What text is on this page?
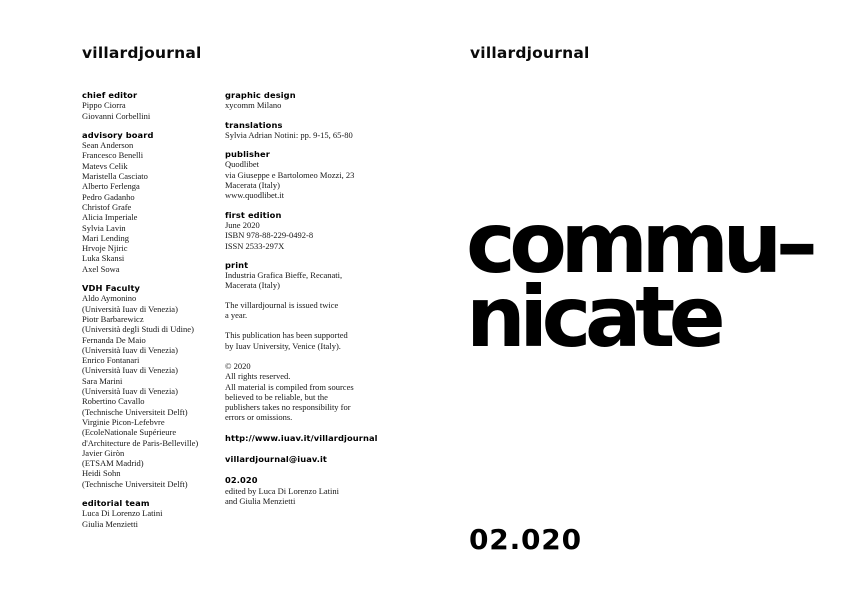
villardjournal	villardjournal
chief editor
Pippo Ciorra
Giovanni Corbellini
advisory board
Sean Anderson
Francesco Benelli
Matevs Celik
Maristella Casciato
Alberto Ferlenga
Pedro Gadanho
Christof Grafe
Alicia Imperiale
Sylvia Lavin
Mari Lending
Hrvoje Njiric
Luka Skansi
Axel Sowa
VDH Faculty
Aldo Aymonino
(Università Iuav di Venezia)
Piotr Barbarewicz
(Università degli Studi di Udine)
Fernanda De Maio
(Università Iuav di Venezia)
Enrico Fontanari
(Università Iuav di Venezia)
Sara Marini
(Università Iuav di Venezia)
Robertino Cavallo
(Technische Universiteit Delft)
Virginie Picon-Lefebvre
(EcoleNationale Supérieure
d'Architecture de Paris-Belleville)
Javier Giròn
(ETSAM Madrid)
Heidi Sohn
(Technische Universiteit Delft)
editorial team
Luca Di Lorenzo Latini
Giulia Menzietti
graphic design
xycomm Milano
translations
Sylvia Adrian Notini: pp. 9-15, 65-80
publisher
Quodlibet
via Giuseppe e Bartolomeo Mozzi, 23
Macerata (Italy)
www.quodlibet.it
first edition
June 2020
ISBN 978-88-229-0492-8
ISSN 2533-297X
print
Industria Grafica Bieffe, Recanati,
Macerata (Italy)
The villardjournal is issued twice
a year.
This publication has been supported
by Iuav University, Venice (Italy).
© 2020
All rights reserved.
All material is compiled from sources
believed to be reliable, but the
publishers takes no responsibility for
errors or omissions.
http://www.iuav.it/villardjournal
villardjournal@iuav.it
02.020
edited by Luca Di Lorenzo Latini
and Giulia Menzietti
commu–
nicate
02.020
